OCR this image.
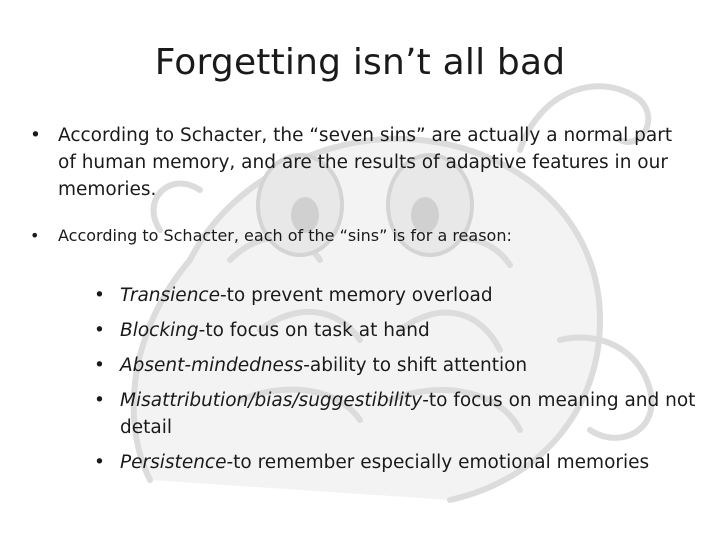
Forgetting isn’t all bad
• According to Schacter, the “seven sins” are actually a normal part of human memory, and are the results of adaptive features in our memories.
• According to Schacter, each of the “sins” is for a reason:
• Transience-to prevent memory overload
• Blocking-to focus on task at hand
• Absent-mindedness-ability to shift attention
• Misattribution/bias/suggestibility-to focus on meaning and not detail
• Persistence-to remember especially emotional memories
